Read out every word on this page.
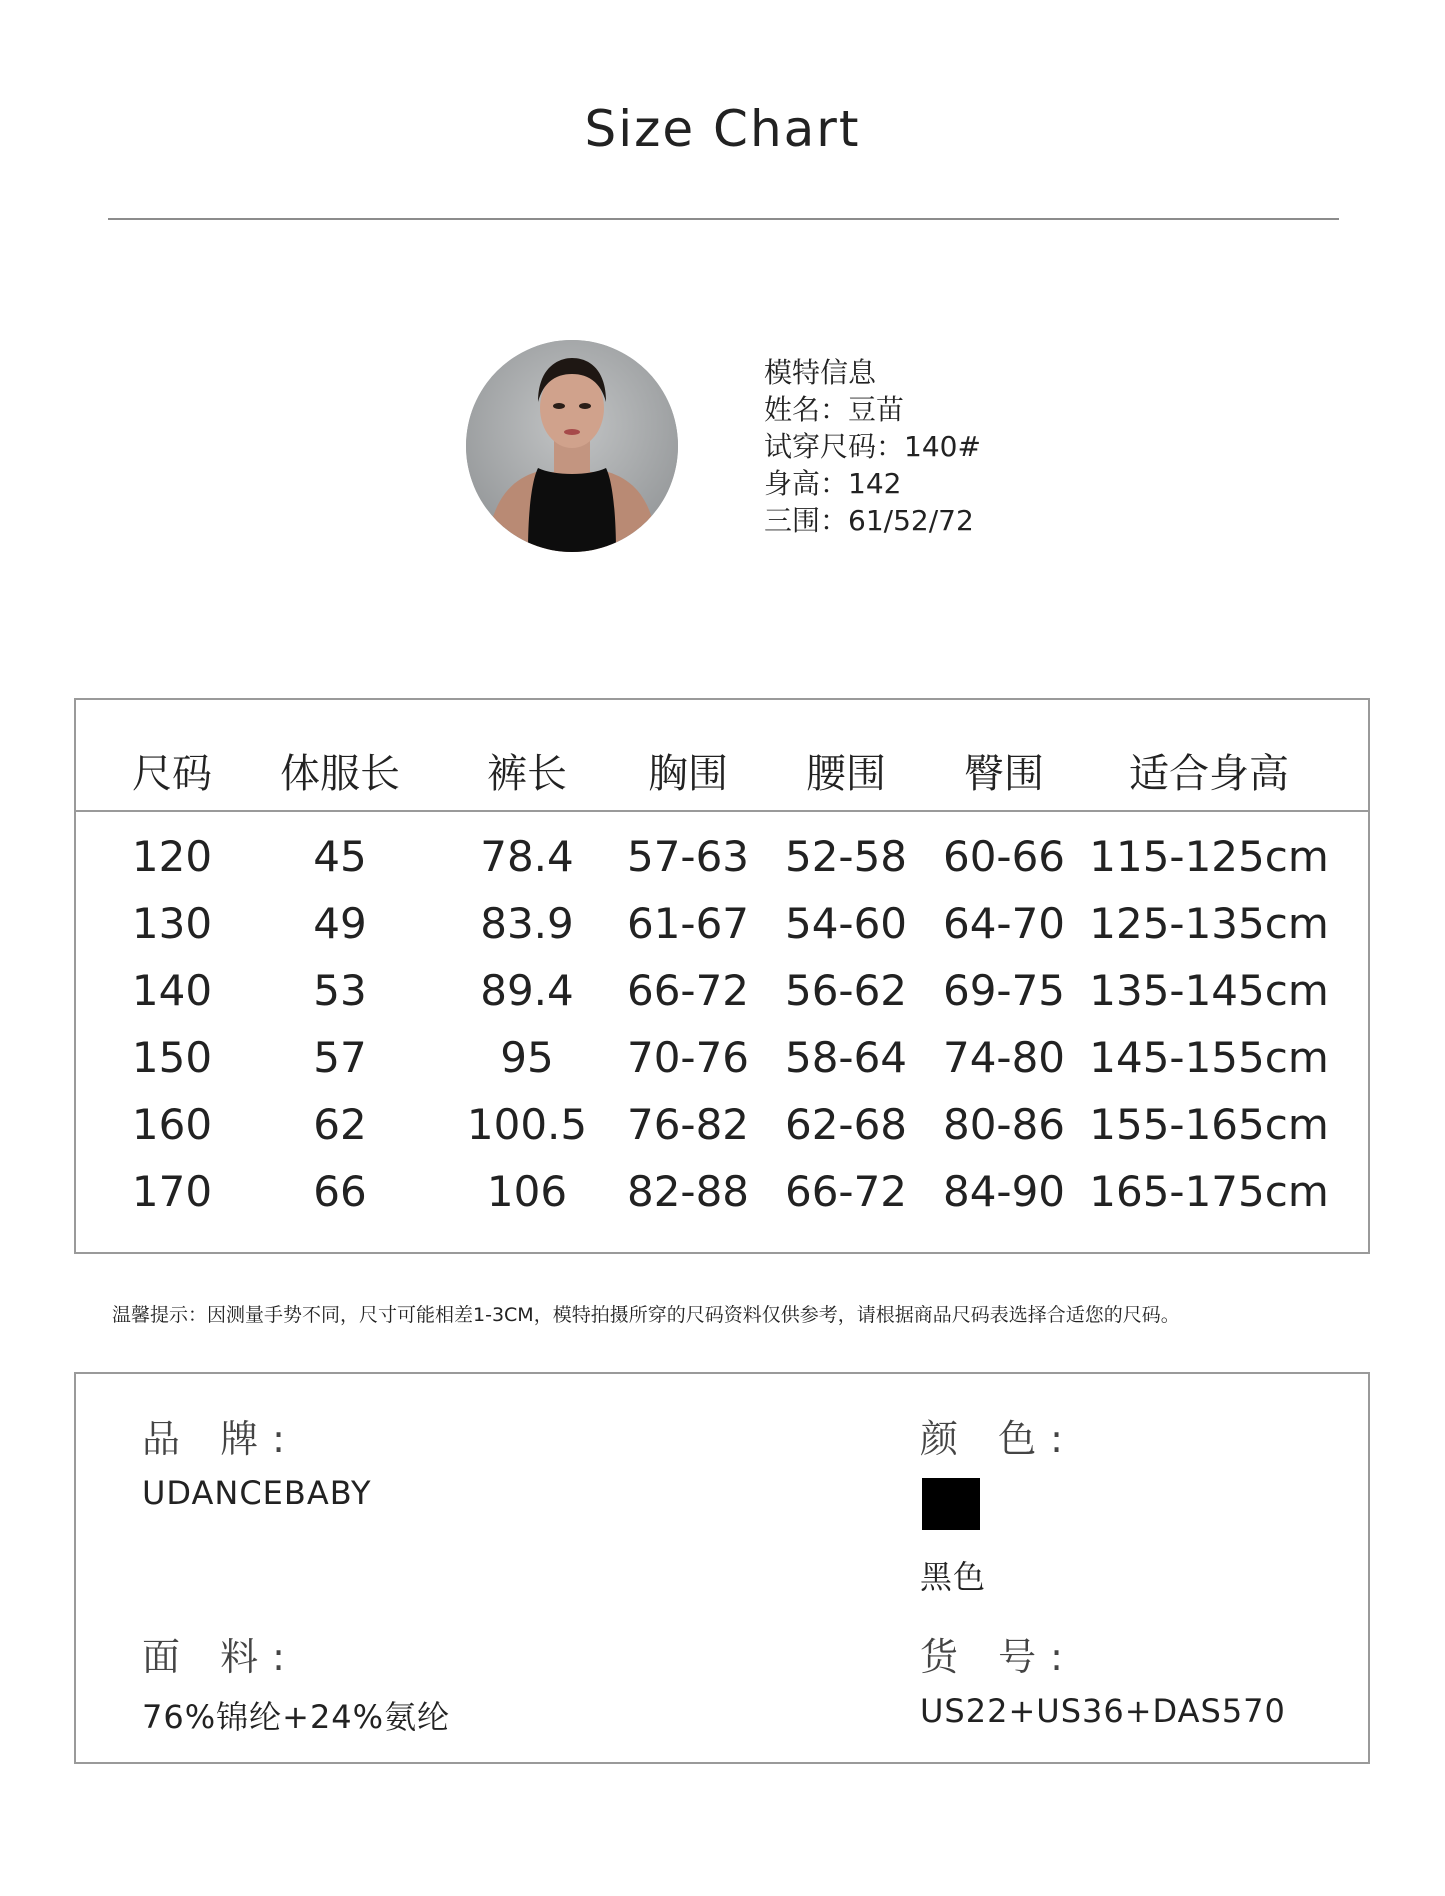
Size Chart
模特信息
姓名：豆苗
试穿尺码：140#
身高：142
三围：61/52/72
尺码 体服长 裤长 胸围 腰围 臀围 适合身高
120 45	78.4 57-63 52-58 60-66 115-125cm
130 49	83.9 61-67 54-60 64-70 125-135cm
140 53	89.4 66-72 56-62 69-75 135-145cm
150 57	95 70-76 58-64 74-80 145-155cm
160 62 100.5 76-82 62-68 80-86 155-165cm
170 66	106 82-88 66-72 84-90 165-175cm
温馨提示：因测量手势不同，尺寸可能相差1-3CM，模特拍摄所穿的尺码资料仅供参考，请根据商品尺码表选择合适您的尺码。
品 牌:
UDANCEBABY
颜 色:
黑色
面 料:
76%锦纶+24%氨纶
货 号:
US22+US36+DAS570
